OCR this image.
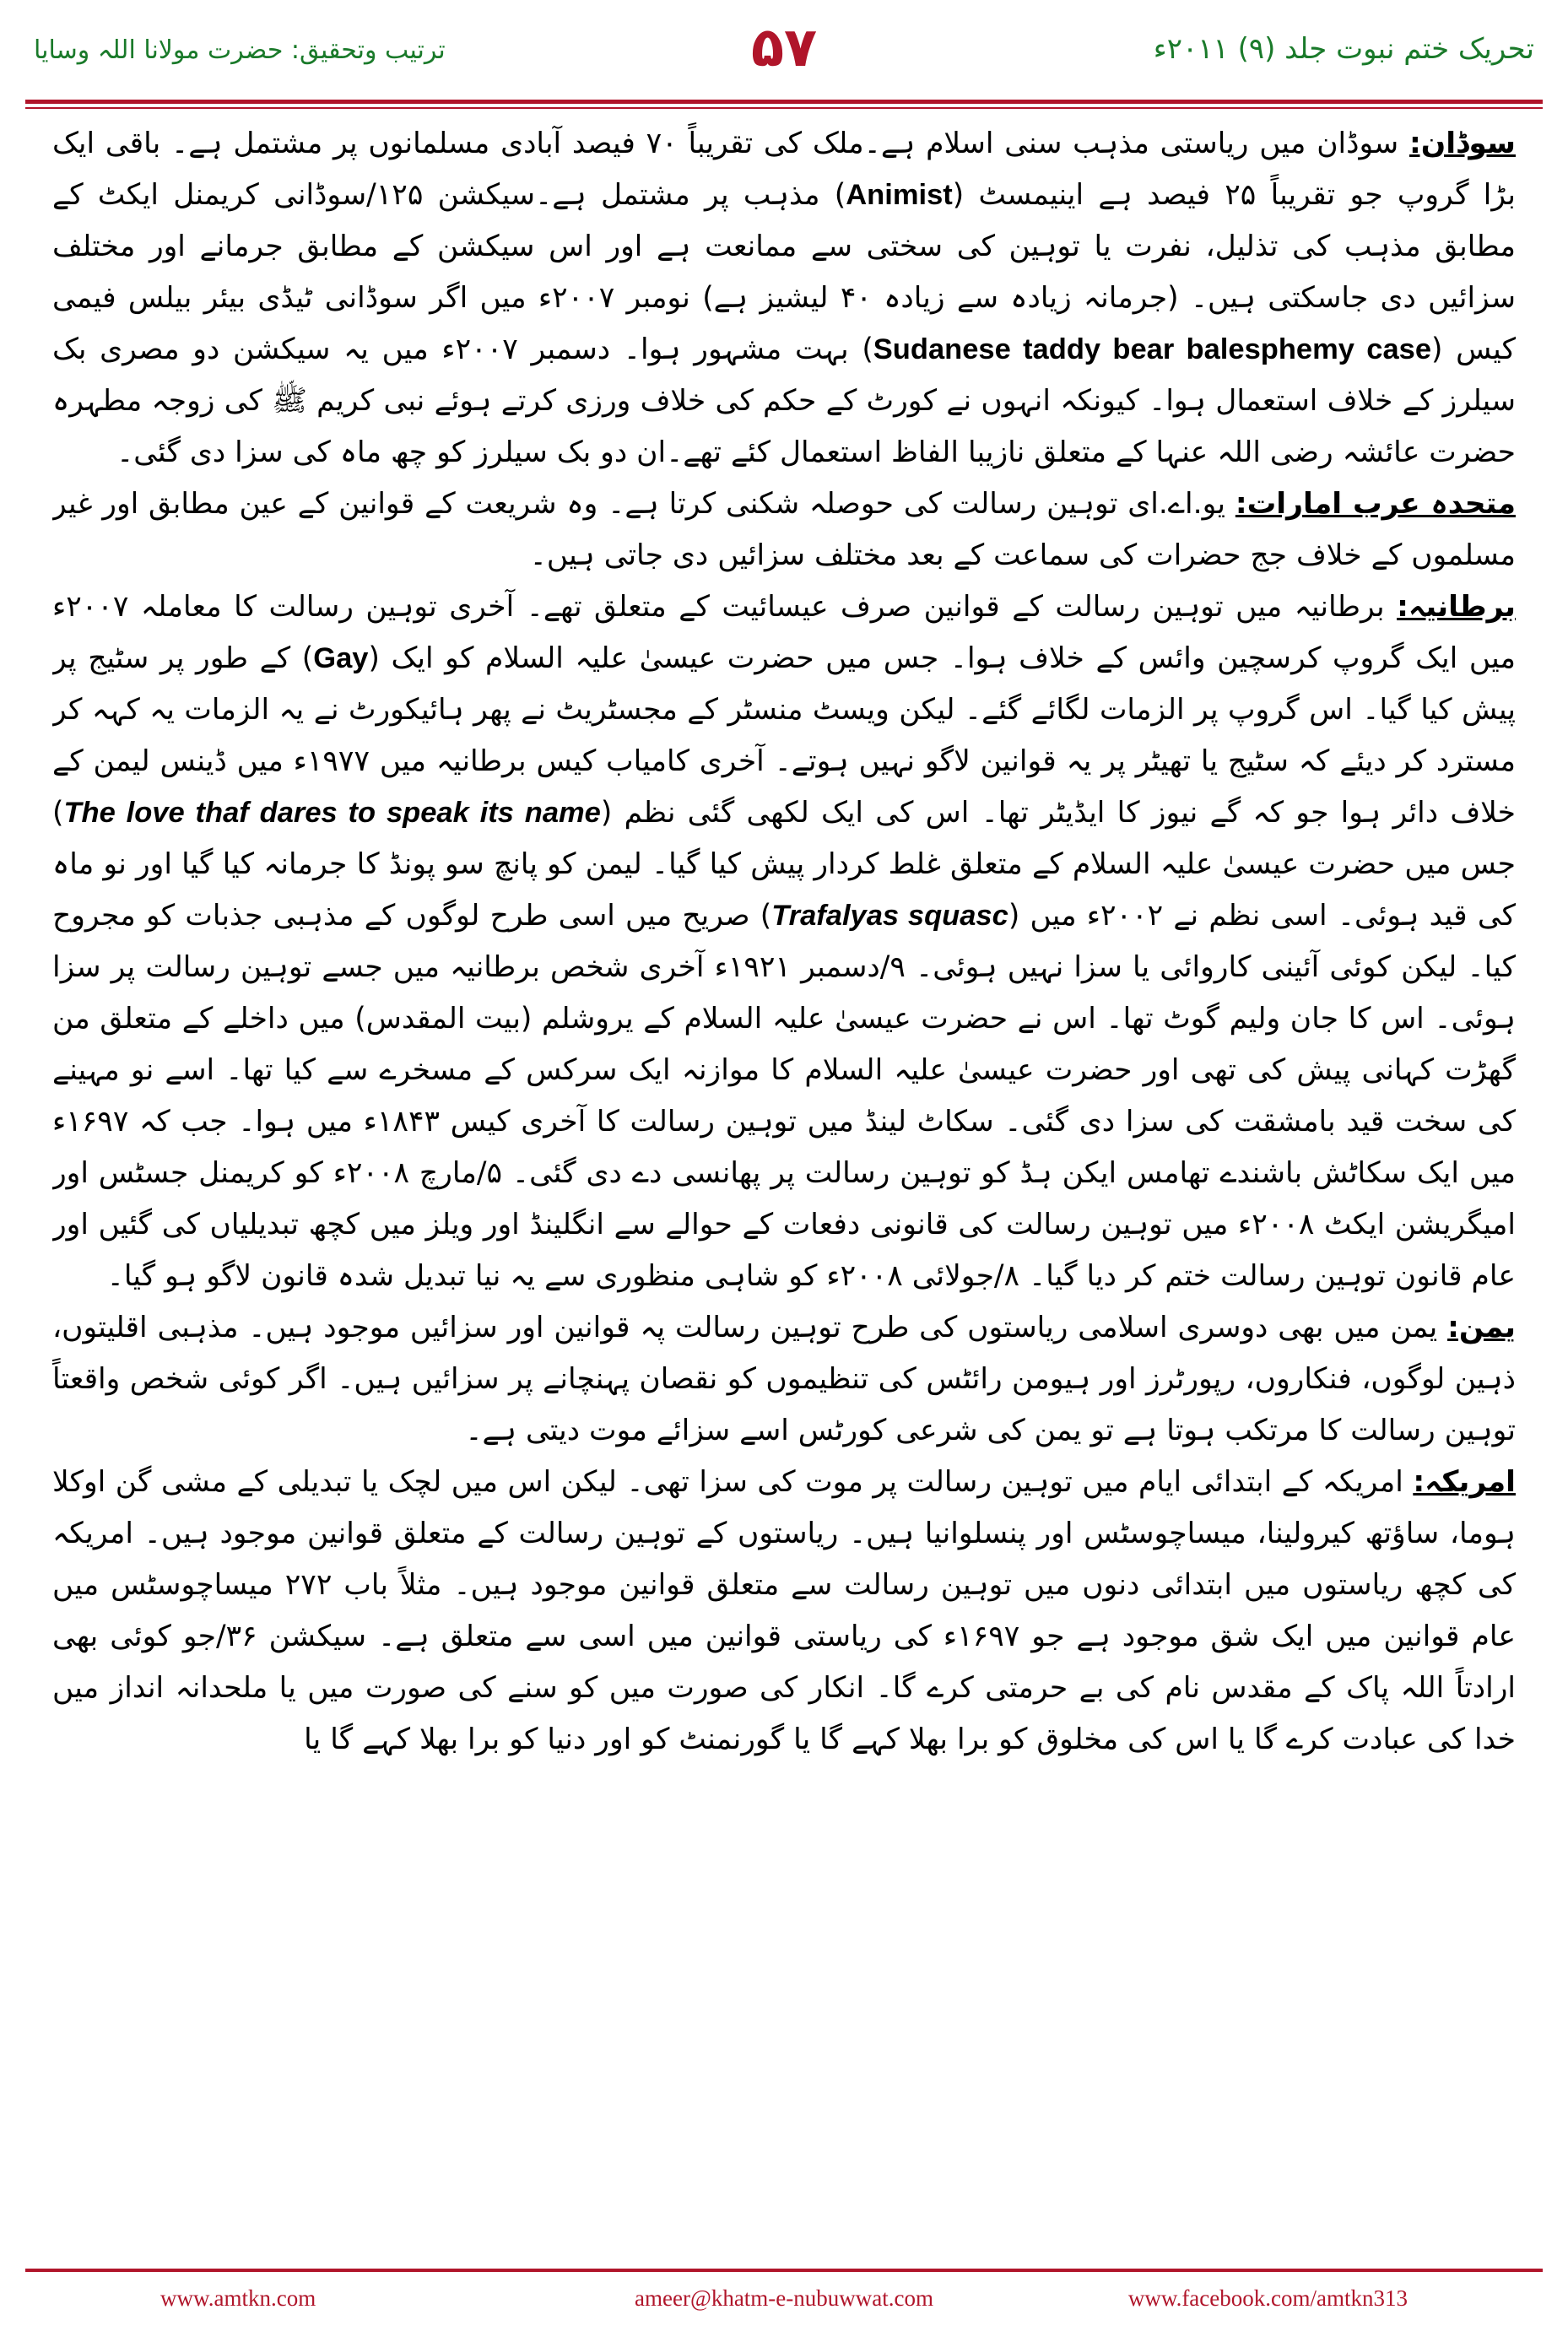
تحریک ختم نبوت جلد (۹) ۲۰۱۱ء
۵۷
ترتیب وتحقیق: حضرت مولانا اللہ وسایا

سوڈان: سوڈان میں ریاستی مذہب سنی اسلام ہے۔ملک کی تقریباً ۷۰ فیصد آبادی مسلمانوں پر مشتمل ہے۔ باقی ایک بڑا گروپ جو تقریباً ۲۵ فیصد ہے اینیمسٹ (Animist) مذہب پر مشتمل ہے۔سیکشن ۱۲۵/سوڈانی کریمنل ایکٹ کے مطابق مذہب کی تذلیل، نفرت یا توہین کی سختی سے ممانعت ہے اور اس سیکشن کے مطابق جرمانے اور مختلف سزائیں دی جاسکتی ہیں۔ (جرمانہ زیادہ سے زیادہ ۴۰ لیشیز ہے) نومبر ۲۰۰۷ء میں اگر سوڈانی ٹیڈی بیئر بیلس فیمی کیس (Sudanese taddy bear balesphemy case) بہت مشہور ہوا۔ دسمبر ۲۰۰۷ء میں یہ سیکشن دو مصری بک سیلرز کے خلاف استعمال ہوا۔ کیونکہ انہوں نے کورٹ کے حکم کی خلاف ورزی کرتے ہوئے نبی کریم ﷺ کی زوجہ مطہرہ حضرت عائشہ رضی اللہ عنہا کے متعلق نازیبا الفاظ استعمال کئے تھے۔ان دو بک سیلرز کو چھ ماہ کی سزا دی گئی۔

متحدہ عرب امارات: یو.اے.ای توہین رسالت کی حوصلہ شکنی کرتا ہے۔ وہ شریعت کے قوانین کے عین مطابق اور غیر مسلموں کے خلاف جج حضرات کی سماعت کے بعد مختلف سزائیں دی جاتی ہیں۔

برطانیہ: برطانیہ میں توہین رسالت کے قوانین صرف عیسائیت کے متعلق تھے۔ آخری توہین رسالت کا معاملہ ۲۰۰۷ء میں ایک گروپ کرسچین وائس کے خلاف ہوا۔ جس میں حضرت عیسیٰ علیہ السلام کو ایک (Gay) کے طور پر سٹیج پر پیش کیا گیا۔ اس گروپ پر الزمات لگائے گئے۔ لیکن ویسٹ منسٹر کے مجسٹریٹ نے پھر ہائیکورٹ نے یہ الزمات یہ کہہ کر مسترد کر دیئے کہ سٹیج یا تھیٹر پر یہ قوانین لاگو نہیں ہوتے۔ آخری کامیاب کیس برطانیہ میں ۱۹۷۷ء میں ڈینس لیمن کے خلاف دائر ہوا جو کہ گے نیوز کا ایڈیٹر تھا۔ اس کی ایک لکھی گئی نظم (The love thaf dares to speak its name) جس میں حضرت عیسیٰ علیہ السلام کے متعلق غلط کردار پیش کیا گیا۔ لیمن کو پانچ سو پونڈ کا جرمانہ کیا گیا اور نو ماہ کی قید ہوئی۔ اسی نظم نے ۲۰۰۲ء میں (Trafalyas squasc) صریح میں اسی طرح لوگوں کے مذہبی جذبات کو مجروح کیا۔ لیکن کوئی آئینی کاروائی یا سزا نہیں ہوئی۔ ۹/دسمبر ۱۹۲۱ء آخری شخص برطانیہ میں جسے توہین رسالت پر سزا ہوئی۔ اس کا جان ولیم گوٹ تھا۔ اس نے حضرت عیسیٰ علیہ السلام کے یروشلم (بیت المقدس) میں داخلے کے متعلق من گھڑت کہانی پیش کی تھی اور حضرت عیسیٰ علیہ السلام کا موازنہ ایک سرکس کے مسخرے سے کیا تھا۔ اسے نو مہینے کی سخت قید بامشقت کی سزا دی گئی۔ سکاٹ لینڈ میں توہین رسالت کا آخری کیس ۱۸۴۳ء میں ہوا۔ جب کہ ۱۶۹۷ء میں ایک سکاٹش باشندے تھامس ایکن ہڈ کو توہین رسالت پر پھانسی دے دی گئی۔ ۵/مارچ ۲۰۰۸ء کو کریمنل جسٹس اور امیگریشن ایکٹ ۲۰۰۸ء میں توہین رسالت کی قانونی دفعات کے حوالے سے انگلینڈ اور ویلز میں کچھ تبدیلیاں کی گئیں اور عام قانون توہین رسالت ختم کر دیا گیا۔ ۸/جولائی ۲۰۰۸ء کو شاہی منظوری سے یہ نیا تبدیل شدہ قانون لاگو ہو گیا۔

یمن: یمن میں بھی دوسری اسلامی ریاستوں کی طرح توہین رسالت پہ قوانین اور سزائیں موجود ہیں۔ مذہبی اقلیتوں، ذہین لوگوں، فنکاروں، رپورٹرز اور ہیومن رائٹس کی تنظیموں کو نقصان پہنچانے پر سزائیں ہیں۔ اگر کوئی شخص واقعتاً توہین رسالت کا مرتکب ہوتا ہے تو یمن کی شرعی کورٹس اسے سزائے موت دیتی ہے۔

امریکہ: امریکہ کے ابتدائی ایام میں توہین رسالت پر موت کی سزا تھی۔ لیکن اس میں لچک یا تبدیلی کے مشی گن اوکلا ہوما، ساؤتھ کیرولینا، میساچوسٹس اور پنسلوانیا ہیں۔ ریاستوں کے توہین رسالت کے متعلق قوانین موجود ہیں۔ امریکہ کی کچھ ریاستوں میں ابتدائی دنوں میں توہین رسالت سے متعلق قوانین موجود ہیں۔ مثلاً باب ۲۷۲ میساچوسٹس میں عام قوانین میں ایک شق موجود ہے جو ۱۶۹۷ء کی ریاستی قوانین میں اسی سے متعلق ہے۔ سیکشن ۳۶/جو کوئی بھی ارادتاً اللہ پاک کے مقدس نام کی بے حرمتی کرے گا۔ انکار کی صورت میں کو سنے کی صورت میں یا ملحدانہ انداز میں خدا کی عبادت کرے گا یا اس کی مخلوق کو برا بھلا کہے گا یا گورنمنٹ کو اور دنیا کو برا بھلا کہے گا یا

www.amtkn.com	ameer@khatm-e-nubuwwat.com	www.facebook.com/amtkn313
